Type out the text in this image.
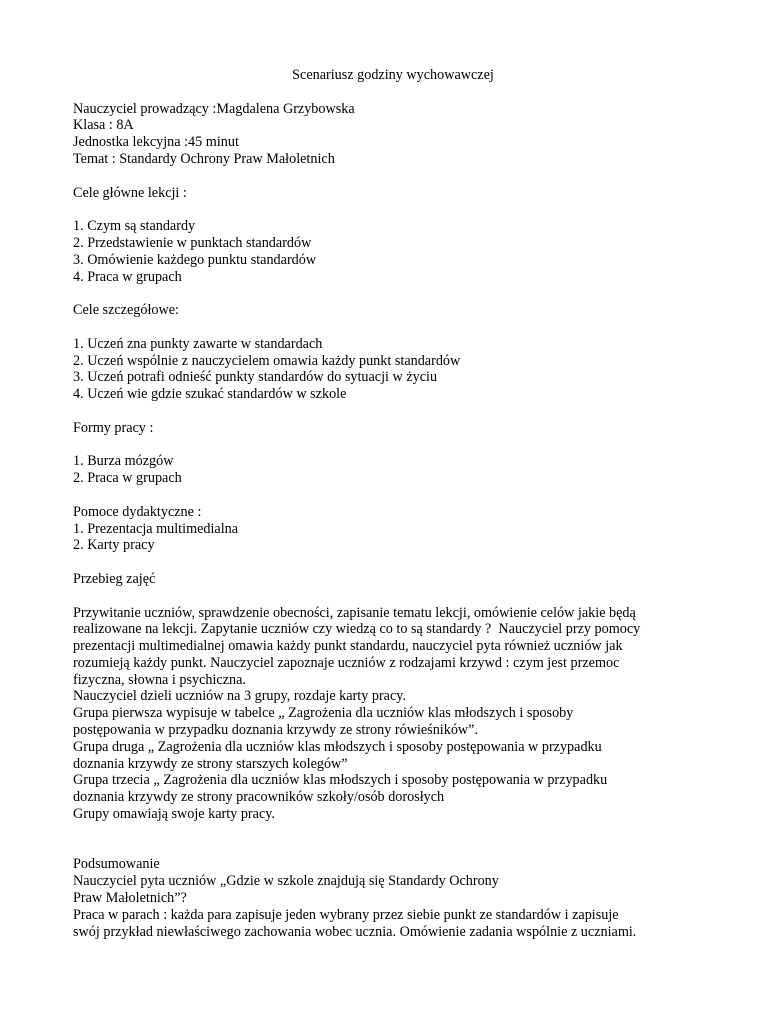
Scenariusz godziny wychowawczej
Nauczyciel prowadzący :Magdalena Grzybowska
Klasa : 8A
Jednostka lekcyjna :45 minut
Temat : Standardy Ochrony Praw Małoletnich
Cele główne lekcji :
1. Czym są standardy
2. Przedstawienie w punktach standardów
3. Omówienie każdego punktu standardów
4. Praca w grupach
Cele szczegółowe:
1. Uczeń zna punkty zawarte w standardach
2. Uczeń wspólnie z nauczycielem omawia każdy punkt standardów
3. Uczeń potrafi odnieść punkty standardów do sytuacji w życiu
4. Uczeń wie gdzie szukać standardów w szkole
Formy pracy :
1. Burza mózgów
2. Praca w grupach
Pomoce dydaktyczne :
1. Prezentacja multimedialna
2. Karty pracy
Przebieg zajęć
Przywitanie uczniów, sprawdzenie obecności, zapisanie tematu lekcji, omówienie celów jakie będą
realizowane na lekcji. Zapytanie uczniów czy wiedzą co to są standardy ?  Nauczyciel przy pomocy
prezentacji multimedialnej omawia każdy punkt standardu, nauczyciel pyta również uczniów jak
rozumieją każdy punkt. Nauczyciel zapoznaje uczniów z rodzajami krzywd : czym jest przemoc
fizyczna, słowna i psychiczna.
Nauczyciel dzieli uczniów na 3 grupy, rozdaje karty pracy.
Grupa pierwsza wypisuje w tabelce „ Zagrożenia dla uczniów klas młodszych i sposoby
postępowania w przypadku doznania krzywdy ze strony rówieśników”.
Grupa druga „ Zagrożenia dla uczniów klas młodszych i sposoby postępowania w przypadku
doznania krzywdy ze strony starszych kolegów”
Grupa trzecia „ Zagrożenia dla uczniów klas młodszych i sposoby postępowania w przypadku
doznania krzywdy ze strony pracowników szkoły/osób dorosłych
Grupy omawiają swoje karty pracy.
Podsumowanie
Nauczyciel pyta uczniów „Gdzie w szkole znajdują się Standardy Ochrony
Praw Małoletnich”?
Praca w parach : każda para zapisuje jeden wybrany przez siebie punkt ze standardów i zapisuje
swój przykład niewłaściwego zachowania wobec ucznia. Omówienie zadania wspólnie z uczniami.
